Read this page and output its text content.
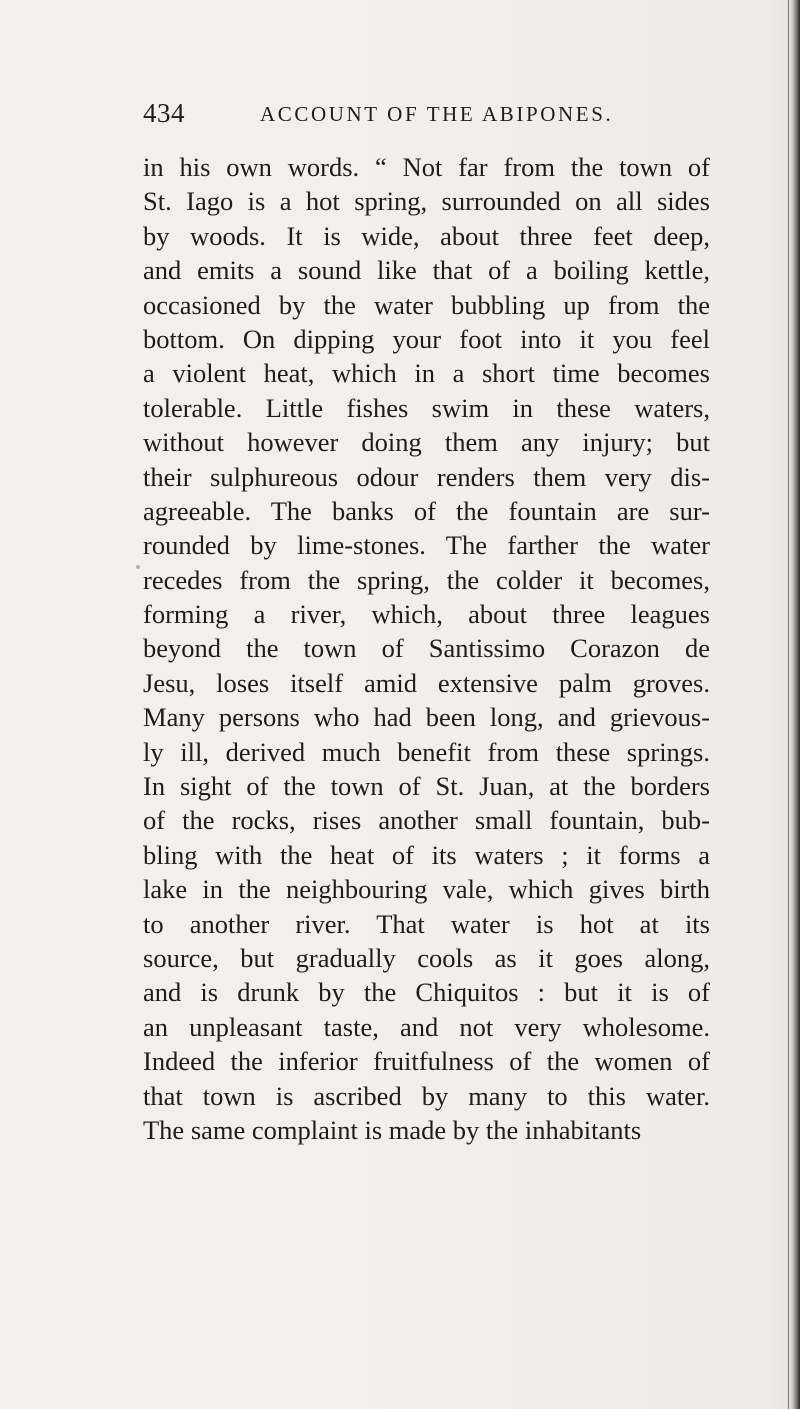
434	ACCOUNT OF THE ABIPONES.
in his own words. “ Not far from the town of
St. Iago is a hot spring, surrounded on all sides
by woods. It is wide, about three feet deep,
and emits a sound like that of a boiling kettle,
occasioned by the water bubbling up from the
bottom. On dipping your foot into it you feel
a violent heat, which in a short time becomes
tolerable. Little fishes swim in these waters,
without however doing them any injury; but
their sulphureous odour renders them very dis-
agreeable. The banks of the fountain are sur-
rounded by lime-stones. The farther the water
recedes from the spring, the colder it becomes,
forming a river, which, about three leagues
beyond the town of Santissimo Corazon de
Jesu, loses itself amid extensive palm groves.
Many persons who had been long, and grievous-
ly ill, derived much benefit from these springs.
In sight of the town of St. Juan, at the borders
of the rocks, rises another small fountain, bub-
bling with the heat of its waters ; it forms a
lake in the neighbouring vale, which gives birth
to another river. That water is hot at its
source, but gradually cools as it goes along,
and is drunk by the Chiquitos : but it is of
an unpleasant taste, and not very wholesome.
Indeed the inferior fruitfulness of the women of
that town is ascribed by many to this water.
The same complaint is made by the inhabitants
